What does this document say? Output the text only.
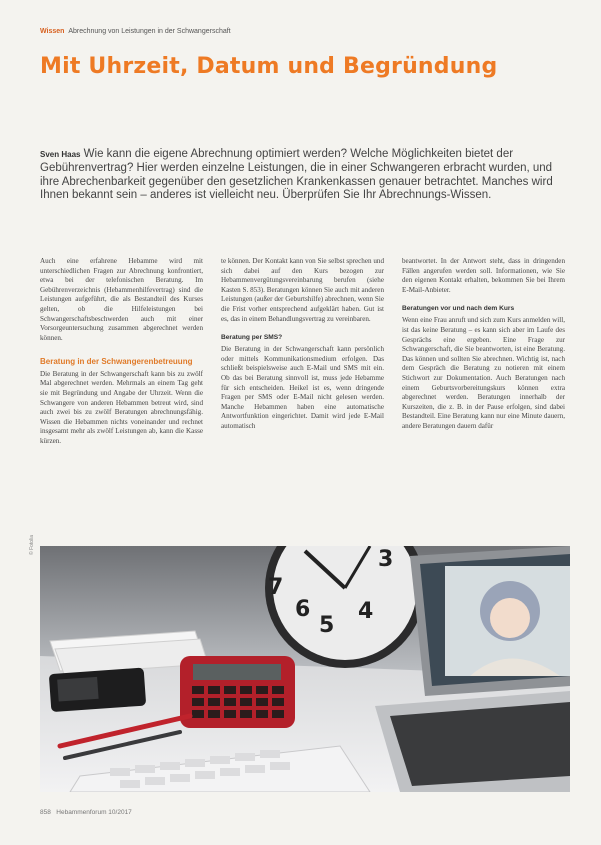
Wissen Abrechnung von Leistungen in der Schwangerschaft
Mit Uhrzeit, Datum und Begründung
Sven Haas Wie kann die eigene Abrechnung optimiert werden? Welche Möglichkeiten bietet der Gebührenvertrag? Hier werden einzelne Leistungen, die in einer Schwangeren erbracht wurden, und ihre Abrechenbarkeit gegenüber den gesetzlichen Krankenkassen genauer betrachtet. Manches wird Ihnen bekannt sein – anderes ist vielleicht neu. Überprüfen Sie Ihr Abrechnungs-Wissen.

Auch eine erfahrene Hebamme wird mit unterschiedlichen Fragen zur Abrechnung konfrontiert, etwa bei der telefonischen Beratung. Im Gebührenverzeichnis (Hebammenhilfevertrag) sind die Leistungen aufgeführt, die als Bestandteil des Kurses gelten, ob die Hilfeleistungen bei Schwangerschaftsbeschwerden auch mit einer Vorsorgeuntersuchung zusammen abgerechnet werden können.

Beratung in der Schwangerenbetreuung

Die Beratung in der Schwangerschaft kann bis zu zwölf Mal abgerechnet werden. Mehrmals an einem Tag geht sie mit Begründung und Angabe der Uhrzeit. Wenn die Schwangere von anderen Hebammen betreut wird, sind auch zwei bis zu zwölf Beratungen abrechnungsfähig. Wissen die Hebammen nichts voneinander und rechnet insgesamt mehr als zwölf Leistungen ab, kann die Kasse kürzen.

te können. Der Kontakt kann von Sie selbst sprechen und sich dabei auf den Kurs bezogen zur Hebammenvergütungsvereinbarung berufen (siehe Kasten S. 853). Beratungen können Sie auch mit anderen Leistungen (außer der Geburtshilfe) abrechnen, wenn Sie die Frist vorher entsprechend aufgeklärt haben. Gut ist es, das in einem Behandlungsvertrag zu vereinbaren.

Beratung per SMS?

Die Beratung in der Schwangerschaft kann persönlich oder mittels Kommunikationsmedium erfolgen. Das schließt beispielsweise auch E-Mail und SMS mit ein. Ob das bei Beratung sinnvoll ist, muss jede Hebamme für sich entscheiden. Heikel ist es, wenn dringende Fragen per SMS oder E-Mail nicht gelesen werden. Manche Hebammen haben eine automatische Antwortfunktion eingerichtet. Damit wird jede E-Mail automatisch

beantwortet. In der Antwort steht, dass in dringenden Fällen angerufen werden soll. Informationen, wie Sie den eigenen Kontakt erhalten, bekommen Sie bei Ihrem E-Mail-Anbieter.

Beratungen vor und nach dem Kurs

Wenn eine Frau anruft und sich zum Kurs anmelden will, ist das keine Beratung – es kann sich aber im Laufe des Gesprächs eine ergeben. Eine Frage zur Schwangerschaft, die Sie beantworten, ist eine Beratung. Das können und sollten Sie abrechnen. Wichtig ist, nach dem Gespräch die Beratung zu notieren mit einem Stichwort zur Dokumentation. Auch Beratungen nach einem Geburtsvorbereitungskurs können extra abgerechnet werden. Beratungen innerhalb der Kurszeiten, die z. B. in der Pause erfolgen, sind dabei Bestandteil. Eine Beratung kann nur eine Minute dauern, andere Beratungen dauern dafür

© Fotolia
3
4
5
6
7
858 Hebammenforum 10/2017
